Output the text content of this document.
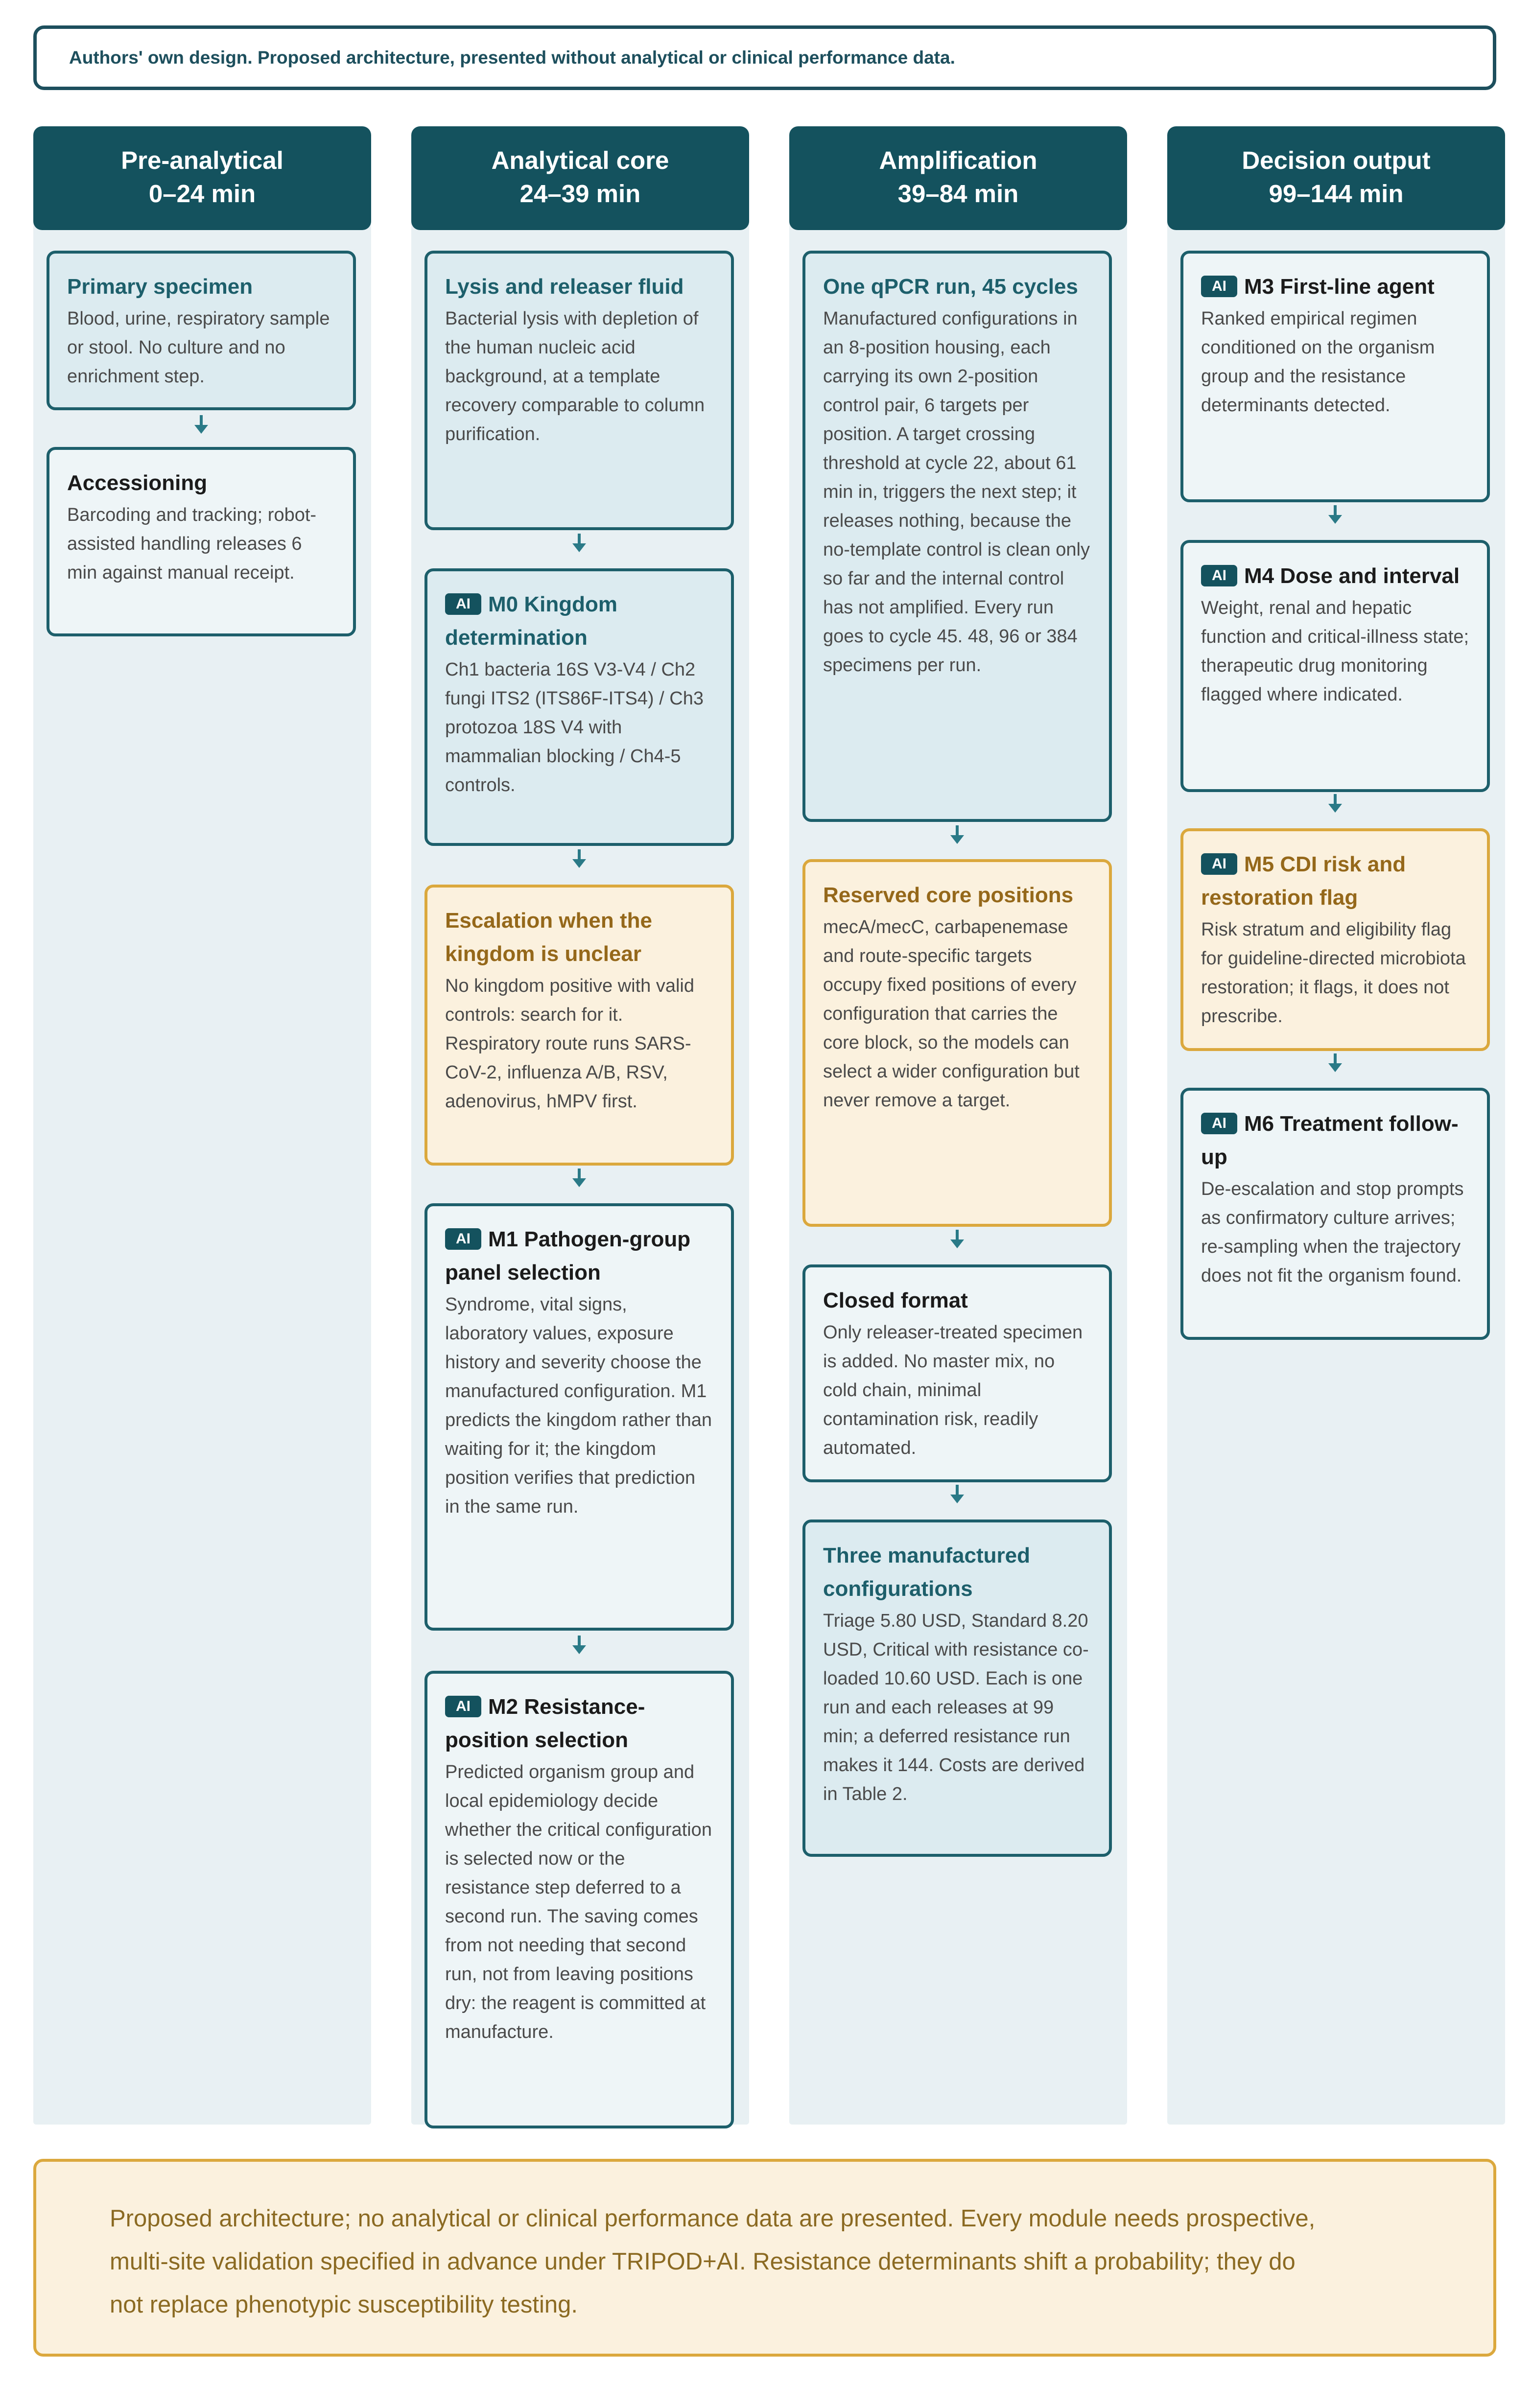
Authors' own design. Proposed architecture, presented without analytical or clinical performance data.
Pre-analytical
0–24 min
Analytical core
24–39 min
Amplification
39–84 min
Decision output
99–144 min
Primary specimen
Blood, urine, respiratory sample or stool. No culture and no enrichment step.
Accessioning
Barcoding and tracking; robot-assisted handling releases 6 min against manual receipt.
Lysis and releaser fluid
Bacterial lysis with depletion of the human nucleic acid background, at a template recovery comparable to column purification.
AI M0 Kingdom determination
Ch1 bacteria 16S V3-V4 / Ch2 fungi ITS2 (ITS86F-ITS4) / Ch3 protozoa 18S V4 with mammalian blocking / Ch4-5 controls.
Escalation when the kingdom is unclear
No kingdom positive with valid controls: search for it. Respiratory route runs SARS-CoV-2, influenza A/B, RSV, adenovirus, hMPV first.
AI M1 Pathogen-group panel selection
Syndrome, vital signs, laboratory values, exposure history and severity choose the manufactured configuration. M1 predicts the kingdom rather than waiting for it; the kingdom position verifies that prediction in the same run.
AI M2 Resistance-position selection
Predicted organism group and local epidemiology decide whether the critical configuration is selected now or the resistance step deferred to a second run. The saving comes from not needing that second run, not from leaving positions dry: the reagent is committed at manufacture.
One qPCR run, 45 cycles
Manufactured configurations in an 8-position housing, each carrying its own 2-position control pair, 6 targets per position. A target crossing threshold at cycle 22, about 61 min in, triggers the next step; it releases nothing, because the no-template control is clean only so far and the internal control has not amplified. Every run goes to cycle 45. 48, 96 or 384 specimens per run.
Reserved core positions
mecA/mecC, carbapenemase and route-specific targets occupy fixed positions of every configuration that carries the core block, so the models can select a wider configuration but never remove a target.
Closed format
Only releaser-treated specimen is added. No master mix, no cold chain, minimal contamination risk, readily automated.
Three manufactured configurations
Triage 5.80 USD, Standard 8.20 USD, Critical with resistance co-loaded 10.60 USD. Each is one run and each releases at 99 min; a deferred resistance run makes it 144. Costs are derived in Table 2.
AI M3 First-line agent
Ranked empirical regimen conditioned on the organism group and the resistance determinants detected.
AI M4 Dose and interval
Weight, renal and hepatic function and critical-illness state; therapeutic drug monitoring flagged where indicated.
AI M5 CDI risk and restoration flag
Risk stratum and eligibility flag for guideline-directed microbiota restoration; it flags, it does not prescribe.
AI M6 Treatment follow-up
De-escalation and stop prompts as confirmatory culture arrives; re-sampling when the trajectory does not fit the organism found.

Proposed architecture; no analytical or clinical performance data are presented. Every module needs prospective, multi-site validation specified in advance under TRIPOD+AI. Resistance determinants shift a probability; they do not replace phenotypic susceptibility testing.
